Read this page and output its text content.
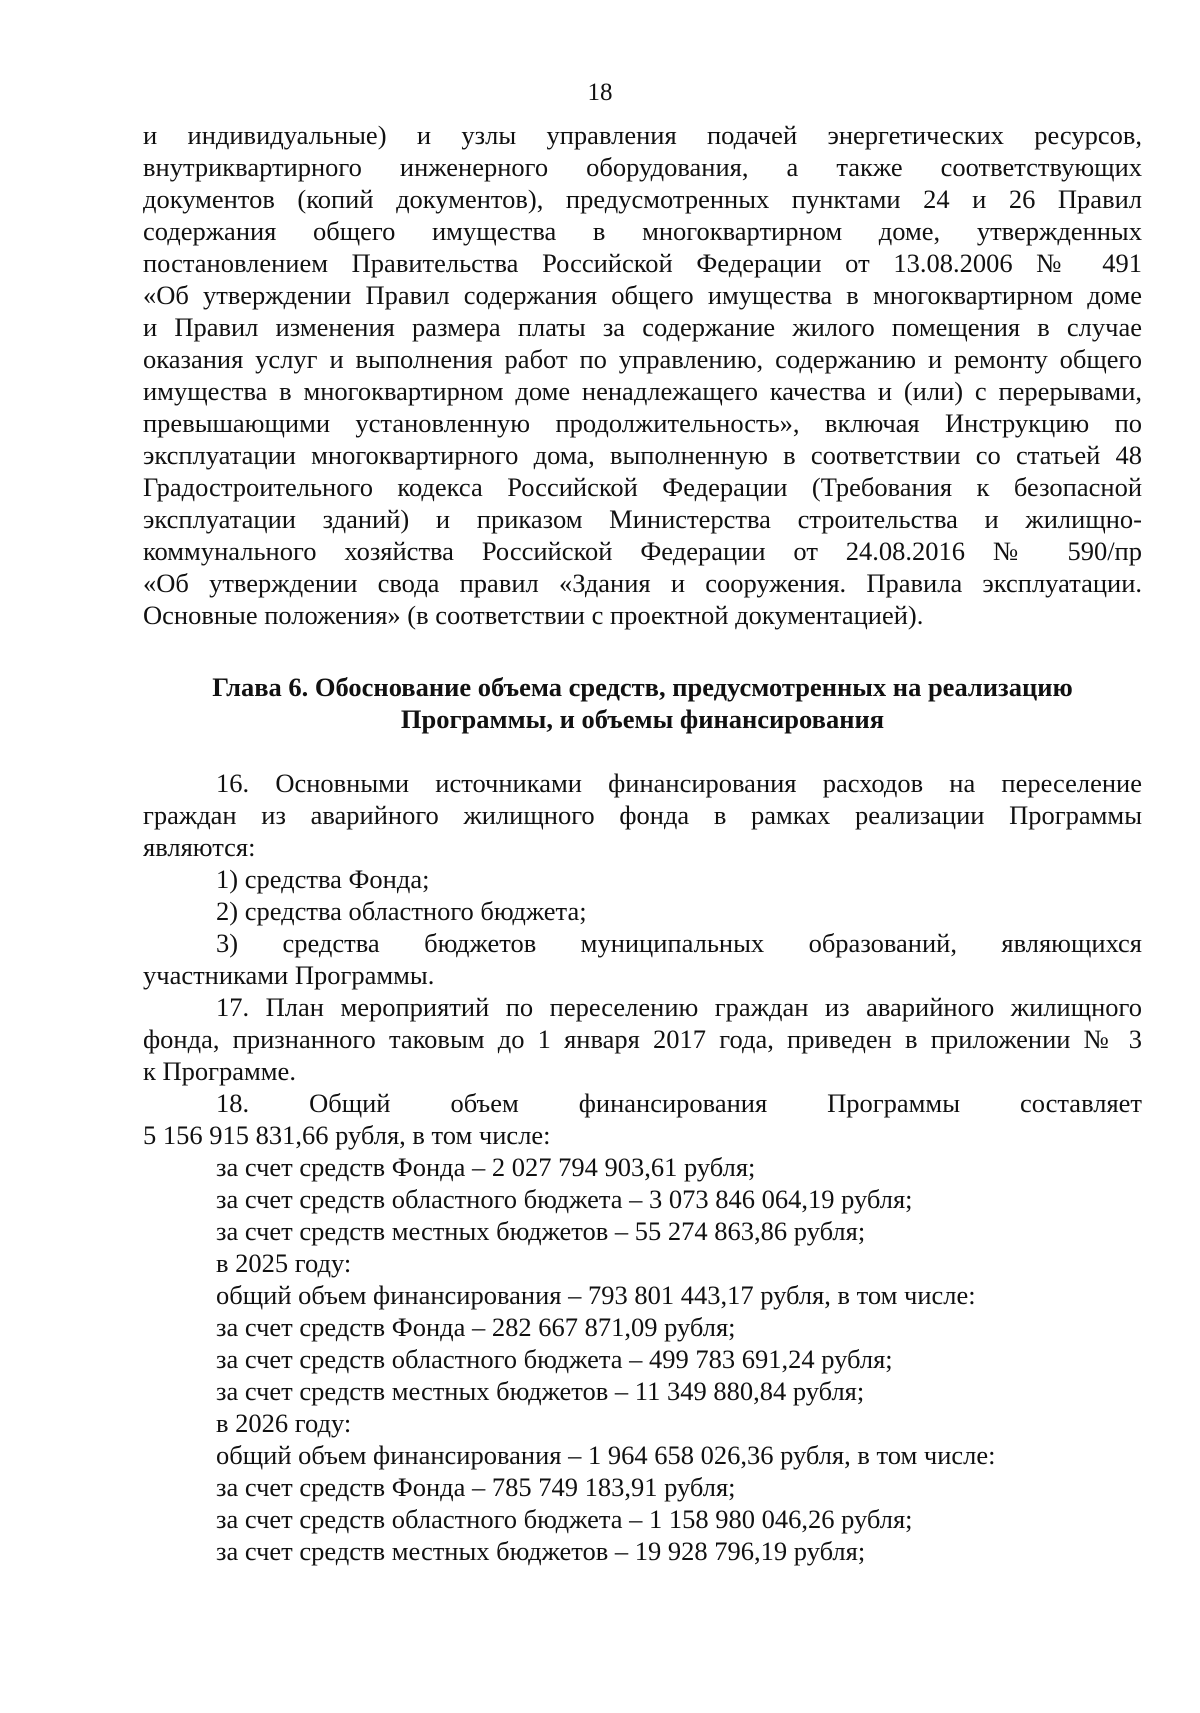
18
и индивидуальные) и узлы управления подачей энергетических ресурсов,
внутриквартирного инженерного оборудования, а также соответствующих
документов (копий документов), предусмотренных пунктами 24 и 26 Правил
содержания общего имущества в многоквартирном доме, утвержденных
постановлением Правительства Российской Федерации от 13.08.2006 № 491
«Об утверждении Правил содержания общего имущества в многоквартирном доме
и Правил изменения размера платы за содержание жилого помещения в случае
оказания услуг и выполнения работ по управлению, содержанию и ремонту общего
имущества в многоквартирном доме ненадлежащего качества и (или) с перерывами,
превышающими установленную продолжительность», включая Инструкцию по
эксплуатации многоквартирного дома, выполненную в соответствии со статьей 48
Градостроительного кодекса Российской Федерации (Требования к безопасной
эксплуатации зданий) и приказом Министерства строительства и жилищно-
коммунального хозяйства Российской Федерации от 24.08.2016 № 590/пр
«Об утверждении свода правил «Здания и сооружения. Правила эксплуатации.
Основные положения» (в соответствии с проектной документацией).
Глава 6. Обоснование объема средств, предусмотренных на реализацию
Программы, и объемы финансирования
16. Основными источниками финансирования расходов на переселение
граждан из аварийного жилищного фонда в рамках реализации Программы
являются:

1) средства Фонда;

2) средства областного бюджета;

3) средства бюджетов муниципальных образований, являющихся
участниками Программы.
17. План мероприятий по переселению граждан из аварийного жилищного
фонда, признанного таковым до 1 января 2017 года, приведен в приложении № 3
к Программе.
18. Общий объем финансирования Программы составляет
5 156 915 831,66 рубля, в том числе:

за счет средств Фонда – 2 027 794 903,61 рубля;

за счет средств областного бюджета – 3 073 846 064,19 рубля;

за счет средств местных бюджетов – 55 274 863,86 рубля;

в 2025 году:

общий объем финансирования – 793 801 443,17 рубля, в том числе:

за счет средств Фонда – 282 667 871,09 рубля;

за счет средств областного бюджета – 499 783 691,24 рубля;

за счет средств местных бюджетов – 11 349 880,84 рубля;

в 2026 году:

общий объем финансирования – 1 964 658 026,36 рубля, в том числе:

за счет средств Фонда – 785 749 183,91 рубля;

за счет средств областного бюджета – 1 158 980 046,26 рубля;

за счет средств местных бюджетов – 19 928 796,19 рубля;
